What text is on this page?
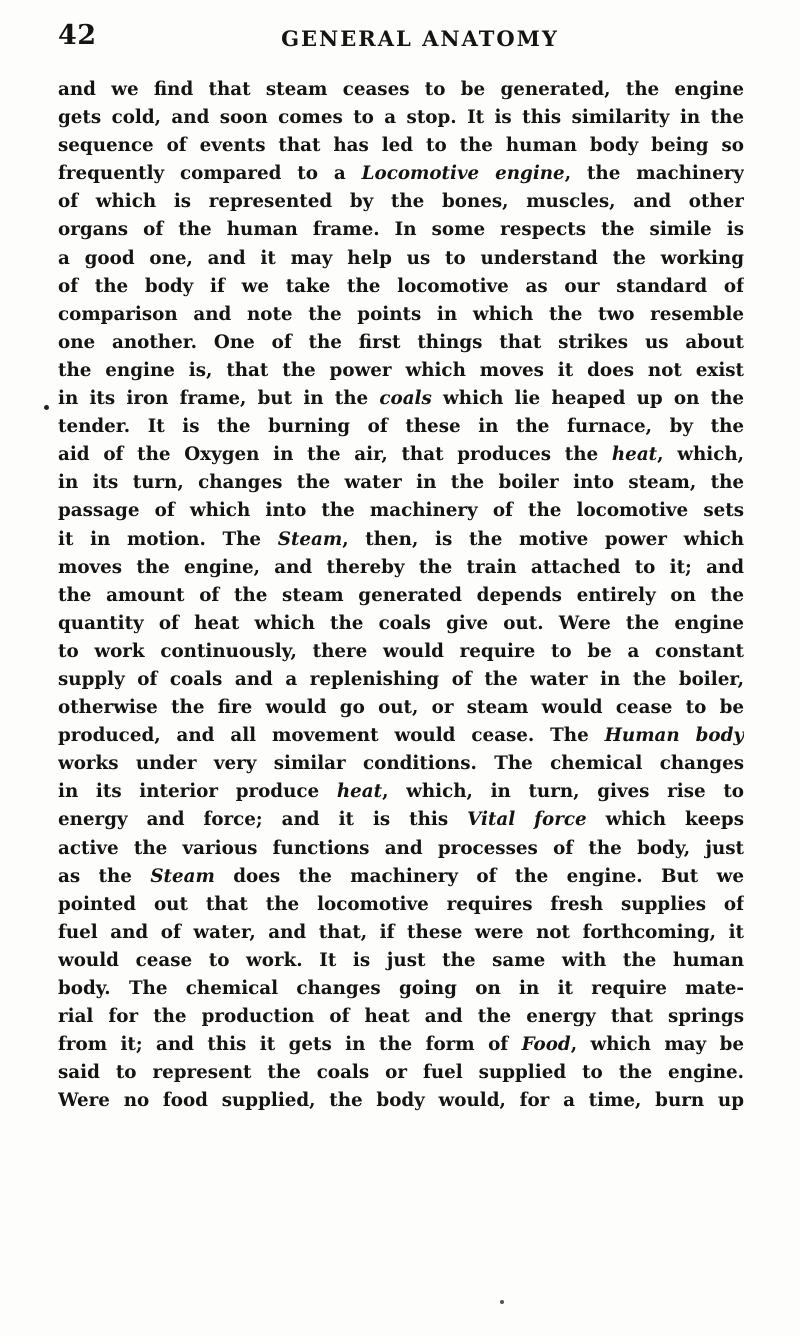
42	GENERAL ANATOMY
and we find that steam ceases to be generated, the engine
gets cold, and soon comes to a stop. It is this similarity in the
sequence of events that has led to the human body being so
frequently compared to a Locomotive engine, the machinery
of which is represented by the bones, muscles, and other
organs of the human frame. In some respects the simile is
a good one, and it may help us to understand the working
of the body if we take the locomotive as our standard of
comparison and note the points in which the two resemble
one another. One of the first things that strikes us about
the engine is, that the power which moves it does not exist
in its iron frame, but in the coals which lie heaped up on the
tender. It is the burning of these in the furnace, by the
aid of the Oxygen in the air, that produces the heat, which,
in its turn, changes the water in the boiler into steam, the
passage of which into the machinery of the locomotive sets
it in motion. The Steam, then, is the motive power which
moves the engine, and thereby the train attached to it; and
the amount of the steam generated depends entirely on the
quantity of heat which the coals give out. Were the engine
to work continuously, there would require to be a constant
supply of coals and a replenishing of the water in the boiler,
otherwise the fire would go out, or steam would cease to be
produced, and all movement would cease. The Human body
works under very similar conditions. The chemical changes
in its interior produce heat, which, in turn, gives rise to
energy and force; and it is this Vital force which keeps
active the various functions and processes of the body, just
as the Steam does the machinery of the engine. But we
pointed out that the locomotive requires fresh supplies of
fuel and of water, and that, if these were not forthcoming, it
would cease to work. It is just the same with the human
body. The chemical changes going on in it require mate-
rial for the production of heat and the energy that springs
from it; and this it gets in the form of Food, which may be
said to represent the coals or fuel supplied to the engine.
Were no food supplied, the body would, for a time, burn up
